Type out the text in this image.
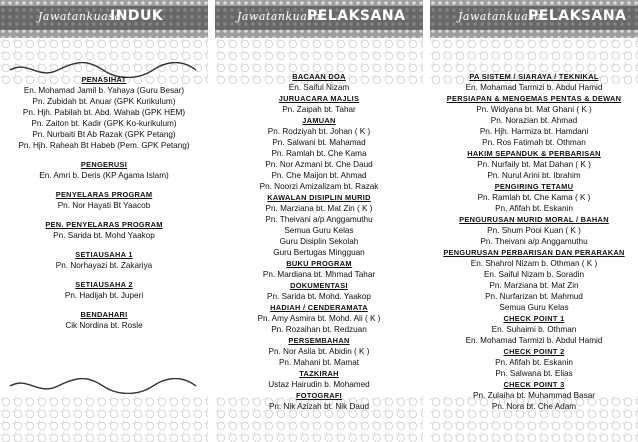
Jawatankuasa
INDUK
PENASIHAT
En. Mohamad Jamil b. Yahaya (Guru Besar)
Pn. Zubidah bt. Anuar (GPK Kurikulum)
Pn. Hjh. Pabilah bt. Abd. Wahab (GPK HEM)
Pn. Zaiton bt. Kadir (GPK Ko-kurikulum)
Pn. Nurbaiti Bt Ab Razak (GPK Petang)
Pn. Hjh. Raheah Bt Habeb (Pem. GPK Petang)
PENGERUSI
En. Amri b. Deris (KP Agama Islam)
PENYELARAS PROGRAM
Pn. Nor Hayati Bt Yaacob
PEN. PENYELARAS PROGRAM
Pn. Sarida bt. Mohd Yaakop
SETIAUSAHA 1
Pn. Norhayazi bt. Zakariya
SETIAUSAHA 2
Pn. Hadijah bt. Juperi
BENDAHARI
Cik Nordina bt. Rosle
Jawatankuasa
PELAKSANA
BACAAN DOA
En. Saiful Nizam
JURUACARA MAJLIS
Pn. Zaipah bt. Tahar
JAMUAN
Pn. Rodziyah bt. Johan ( K )
Pn. Salwani bt. Mahamad
Pn. Ramlah bt. Che Kama
Pn. Nor Azmani bt. Che Daud
Pn. Che Maijon bt. Ahmad
Pn. Noorzi Amizalizam bt. Razak
KAWALAN DISIPLIN MURID
Pn. Marziana bt. Mat Zin ( K )
Pn. Theivani a/p Anggamuthu
Semua Guru Kelas
Guru Disiplin Sekolah
Guru Bertugas Mingguan
BUKU PROGRAM
Pn. Mardiana bt. Mhmad Tahar
DOKUMENTASI
Pn. Sarida bt. Mohd. Yaakop
HADIAH / CENDERAMATA
Pn. Amy Asmira bt. Mohd. Ali ( K )
Pn. Rozaihan bt. Redzuan
PERSEMBAHAN
Pn. Nor Asila bt. Abidin ( K )
Pn. Mahani bt. Mamat
TAZKIRAH
Ustaz Hairudin b. Mohamed
FOTOGRAFI
Pn. Nik Azizah bt. Nik Daud
Jawatankuasa
PELAKSANA
PA SISTEM / SIARAYA / TEKNIKAL
En. Mohamad Tarmizi b. Abdul Hamid
PERSIAPAN & MENGEMAS PENTAS & DEWAN
Pn. Widyana bt. Mat Ghani ( K )
Pn. Norazian bt. Ahmad
Pn. Hjh. Harmiza bt. Hamdani
Pn. Ros Fatimah bt. Othman
HAKIM SEPANDUK & PERBARISAN
Pn. Nurfaily bt. Mat Dahan ( K )
Pn. Nurul Arini bt. Ibrahim
PENGIRING TETAMU
Pn. Ramlah bt. Che Kama ( K )
Pn. Afifah bt. Eskanin
PENGURUSAN MURID MORAL / BAHAN
Pn. Shum Pooi Kuan ( K )
Pn. Theivani a/p Anggamuthu
PENGURUSAN PERBARISAN DAN PERARAKAN
En. Shahrol Nizam b. Othman ( K )
En. Saiful Nizam b. Soradin
Pn. Marziana bt. Mat Zin
Pn. Nurfarizan bt. Mahmud
Semua Guru Kelas
CHECK POINT 1
En. Suhaimi b. Othman
En. Mohamad Tarmizi b. Abdul Hamid
CHECK POINT 2
Pn. Afifah bt. Eskanin
Pn. Salwana bt. Elias
CHECK POINT 3
Pn. Zulaiha bt. Muhammad Basar
Pn. Nora bt. Che Adam
